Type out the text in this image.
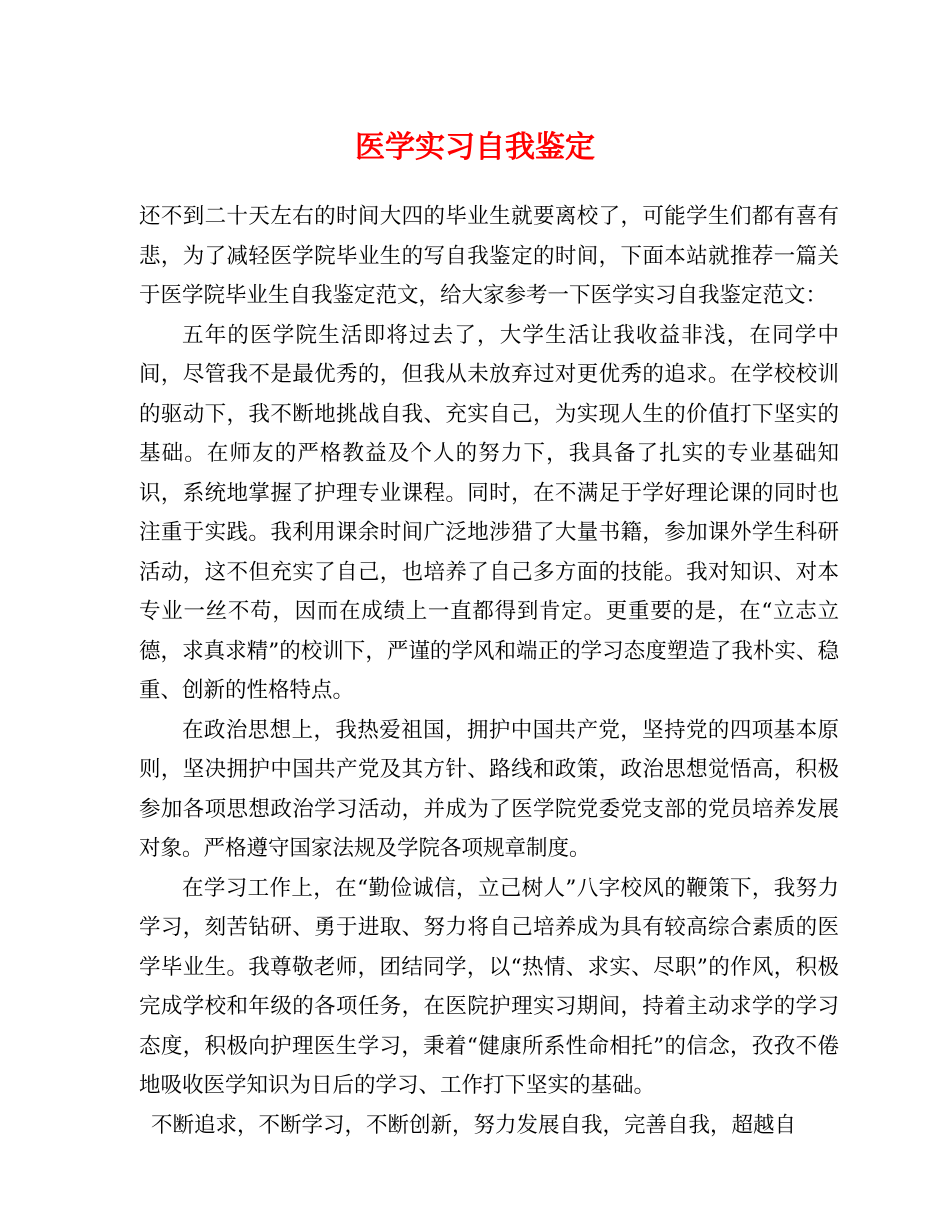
医学实习自我鉴定

还不到二十天左右的时间大四的毕业生就要离校了，可能学生们都有喜有悲，为了减轻医学院毕业生的写自我鉴定的时间，下面本站就推荐一篇关于医学院毕业生自我鉴定范文，给大家参考一下医学实习自我鉴定范文：

五年的医学院生活即将过去了，大学生活让我收益非浅，在同学中间，尽管我不是最优秀的，但我从未放弃过对更优秀的追求。在学校校训的驱动下，我不断地挑战自我、充实自己，为实现人生的价值打下坚实的基础。在师友的严格教益及个人的努力下，我具备了扎实的专业基础知识，系统地掌握了护理专业课程。同时，在不满足于学好理论课的同时也注重于实践。我利用课余时间广泛地涉猎了大量书籍，参加课外学生科研活动，这不但充实了自己，也培养了自己多方面的技能。我对知识、对本专业一丝不苟，因而在成绩上一直都得到肯定。更重要的是，在“立志立德，求真求精”的校训下，严谨的学风和端正的学习态度塑造了我朴实、稳重、创新的性格特点。

在政治思想上，我热爱祖国，拥护中国共产党，坚持党的四项基本原则，坚决拥护中国共产党及其方针、路线和政策，政治思想觉悟高，积极参加各项思想政治学习活动，并成为了医学院党委党支部的党员培养发展对象。严格遵守国家法规及学院各项规章制度。

在学习工作上，在“勤俭诚信，立己树人”八字校风的鞭策下，我努力学习，刻苦钻研、勇于进取、努力将自己培养成为具有较高综合素质的医学毕业生。我尊敬老师，团结同学，以“热情、求实、尽职”的作风，积极完成学校和年级的各项任务，在医院护理实习期间，持着主动求学的学习态度，积极向护理医生学习，秉着“健康所系性命相托”的信念，孜孜不倦地吸收医学知识为日后的学习、工作打下坚实的基础。

不断追求，不断学习，不断创新，努力发展自我，完善自我，超越自
